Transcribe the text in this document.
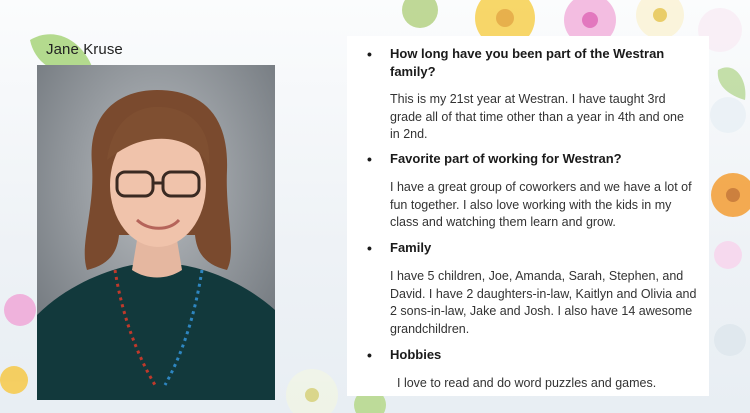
Jane Kruse
•	How long have you been part of the Westran family?
This is my 21st year at Westran. I have taught 3rd grade all of that time other than a year in 4th and one in 2nd.
• Favorite part of working for Westran?
I have a great group of coworkers and we have a lot of fun together. I also love working with the kids in my class and watching them learn and grow.
• Family
I have 5 children, Joe, Amanda, Sarah, Stephen, and David. I have 2 daughters-in-law, Kaitlyn and Olivia and 2 sons-in-law, Jake and Josh. I also have 14 awesome grandchildren.
• Hobbies
I love to read and do word puzzles and games.
